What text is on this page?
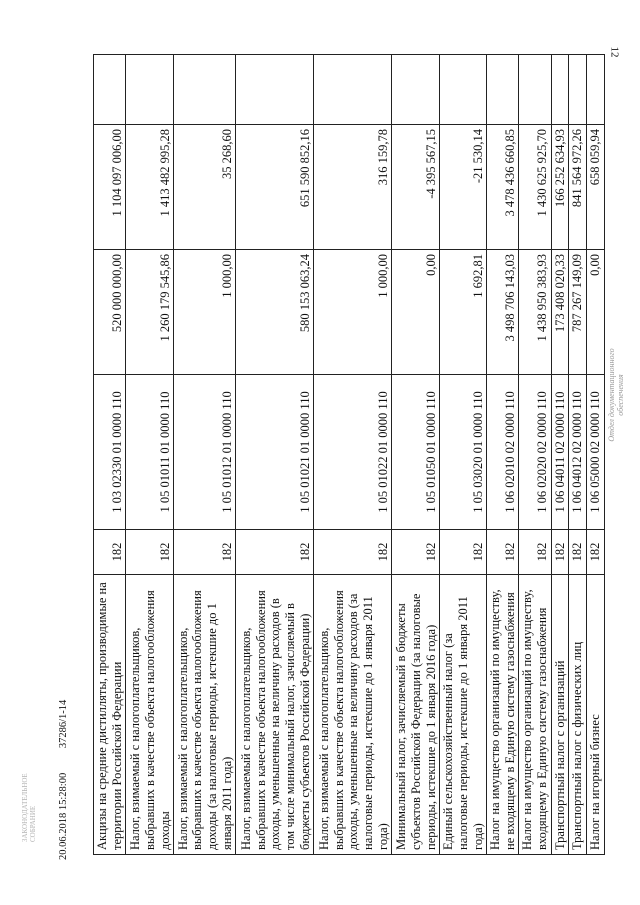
12
Акцизы на средние дистилляты, производимые на территории Российской Федерации	182	1 03 02330 01 0000 110	520 000 000,00	1 104 097 006,00	
Налог, взимаемый с налогоплательщиков, выбравших в качестве объекта налогообложения доходы	182	1 05 01011 01 0000 110	1 260 179 545,86	1 413 482 995,28	
Налог, взимаемый с налогоплательщиков, выбравших в качестве объекта налогообложения доходы (за налоговые периоды, истекшие до 1 января 2011 года)	182	1 05 01012 01 0000 110	1 000,00	35 268,60	
Налог, взимаемый с налогоплательщиков, выбравших в качестве объекта налогообложения доходы, уменьшенные на величину расходов (в том числе минимальный налог, зачисляемый в бюджеты субъектов Российской Федерации)	182	1 05 01021 01 0000 110	580 153 063,24	651 590 852,16	
Налог, взимаемый с налогоплательщиков, выбравших в качестве объекта налогообложения доходы, уменьшенные на величину расходов (за налоговые периоды, истекшие до 1 января 2011 года)	182	1 05 01022 01 0000 110	1 000,00	316 159,78	
Минимальный налог, зачисляемый в бюджеты субъектов Российской Федерации (за налоговые периоды, истекшие до 1 января 2016 года)	182	1 05 01050 01 0000 110	0,00	-4 395 567,15	
Единый сельскохозяйственный налог (за налоговые периоды, истекшие до 1 января 2011 года)	182	1 05 03020 01 0000 110	1 692,81	-21 530,14	
Налог на имущество организаций по имуществу, не входящему в Единую систему газоснабжения	182	1 06 02010 02 0000 110	3 498 706 143,03	3 478 436 660,85	
Налог на имущество организаций по имуществу, входящему в Единую систему газоснабжения	182	1 06 02020 02 0000 110	1 438 950 383,93	1 430 625 925,70	
Транспортный налог с организаций	182	1 06 04011 02 0000 110	173 408 020,33	166 252 634,93	
Транспортный налог с физических лиц	182	1 06 04012 02 0000 110	787 267 149,09	841 564 972,26	
Налог на игорный бизнес	182	1 06 05000 02 0000 110	0,00	658 059,94	
20.06.2018 15:28:00 37286/1-14
Отдел документационного обеспечения
ЗАКОНОДАТЕЛЬНОЕ СОБРАНИЕ
